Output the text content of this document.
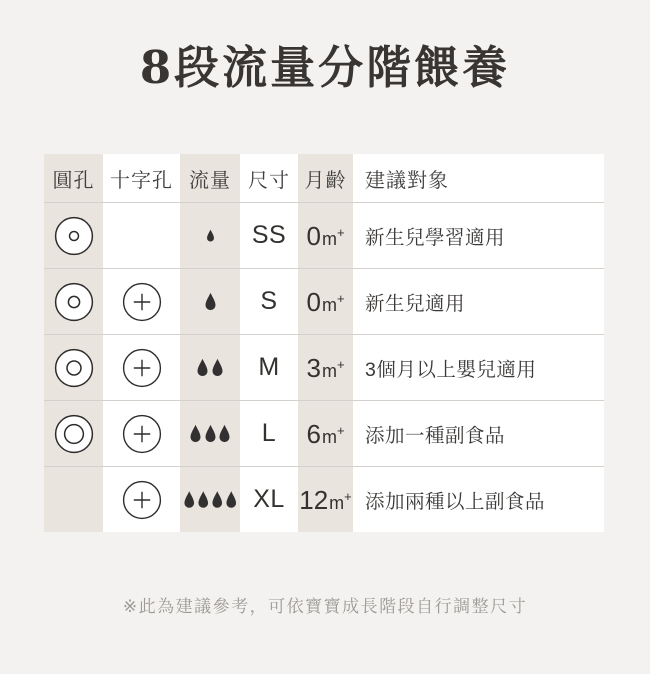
8段流量分階餵養
圓孔 十字孔 流量 尺寸 月齡 建議對象
SS 0 m + 新生兒學習適用
S 0 m + 新生兒適用
M 3 m + 3個月以上嬰兒適用
L 6 m + 添加一種副食品
XL 12 m + 添加兩種以上副食品
※此為建議參考，可依寶寶成長階段自行調整尺寸
